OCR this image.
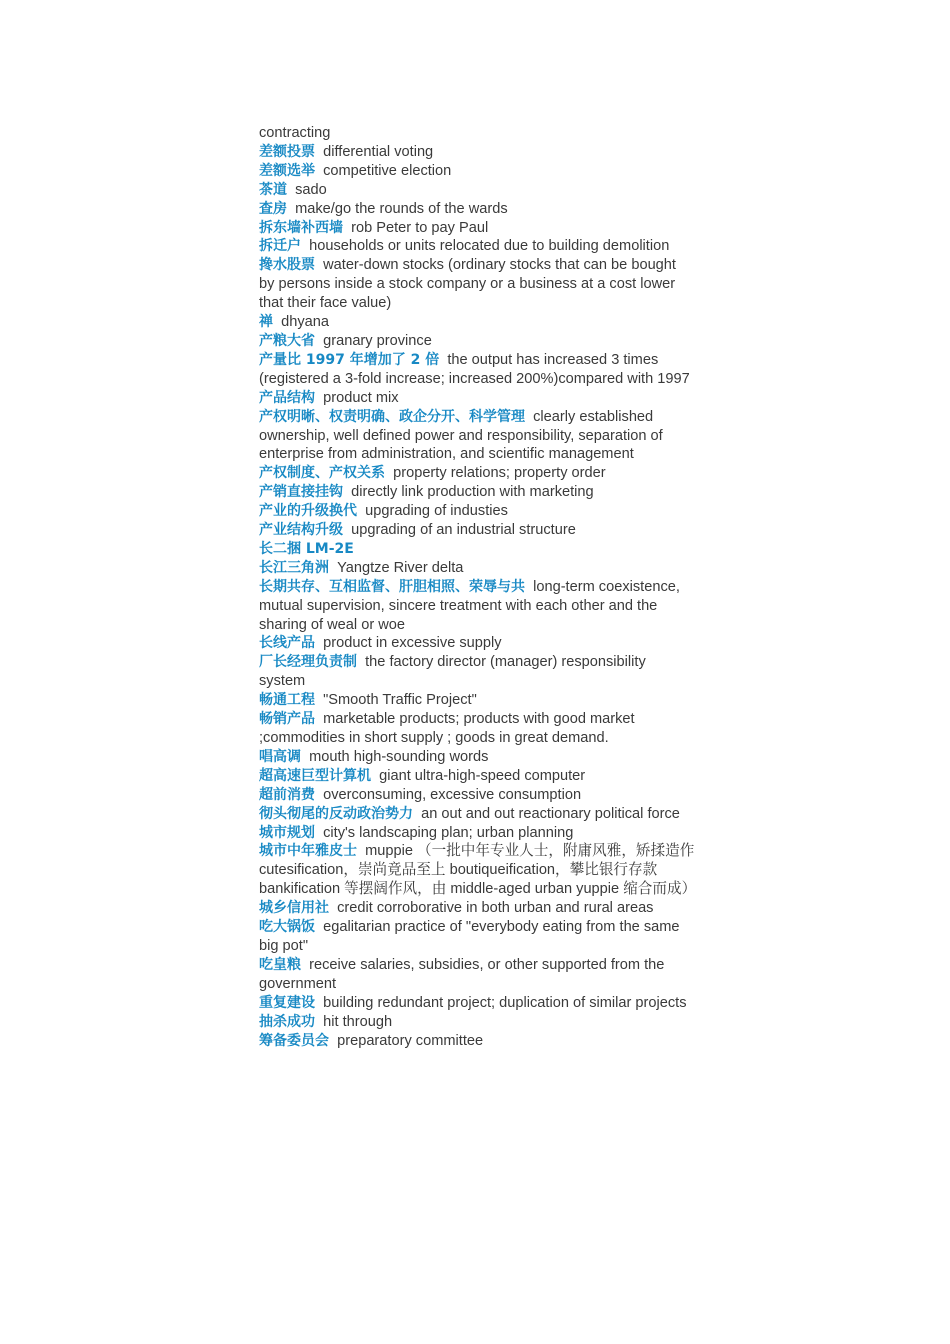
contracting
差额投票 differential voting
差额选举 competitive election
茶道 sado
查房 make/go the rounds of the wards
拆东墙补西墙 rob Peter to pay Paul
拆迁户 households or units relocated due to building demolition
搀水股票 water-down stocks (ordinary stocks that can be bought by persons inside a stock company or a business at a cost lower that their face value)
禅 dhyana
产粮大省 granary province
产量比 1997 年增加了 2 倍 the output has increased 3 times (registered a 3-fold increase; increased 200%)compared with 1997
产品结构 product mix
产权明晰、权责明确、政企分开、科学管理 clearly established ownership, well defined power and responsibility, separation of enterprise from administration, and scientific management
产权制度、产权关系 property relations; property order
产销直接挂钩 directly link production with marketing
产业的升级换代 upgrading of industies
产业结构升级 upgrading of an industrial structure
长二捆 LM-2E
长江三角洲 Yangtze River delta
长期共存、互相监督、肝胆相照、荣辱与共 long-term coexistence, mutual supervision, sincere treatment with each other and the sharing of weal or woe
长线产品 product in excessive supply
厂长经理负责制 the factory director (manager) responsibility system
畅通工程 "Smooth Traffic Project"
畅销产品 marketable products; products with good market ;commodities in short supply ; goods in great demand.
唱高调 mouth high-sounding words
超高速巨型计算机 giant ultra-high-speed computer
超前消费 overconsuming, excessive consumption
彻头彻尾的反动政治势力 an out and out reactionary political force
城市规划 city's landscaping plan; urban planning
城市中年雅皮士 muppie （一批中年专业人士，附庸风雅，矫揉造作 cutesification，崇尚竟品至上 boutiqueification，攀比银行存款 bankification 等摆阔作风，由 middle-aged urban yuppie 缩合而成）
城乡信用社 credit corroborative in both urban and rural areas
吃大锅饭 egalitarian practice of "everybody eating from the same big pot"
吃皇粮 receive salaries, subsidies, or other supported from the government
重复建设 building redundant project; duplication of similar projects
抽杀成功 hit through
筹备委员会 preparatory committee
